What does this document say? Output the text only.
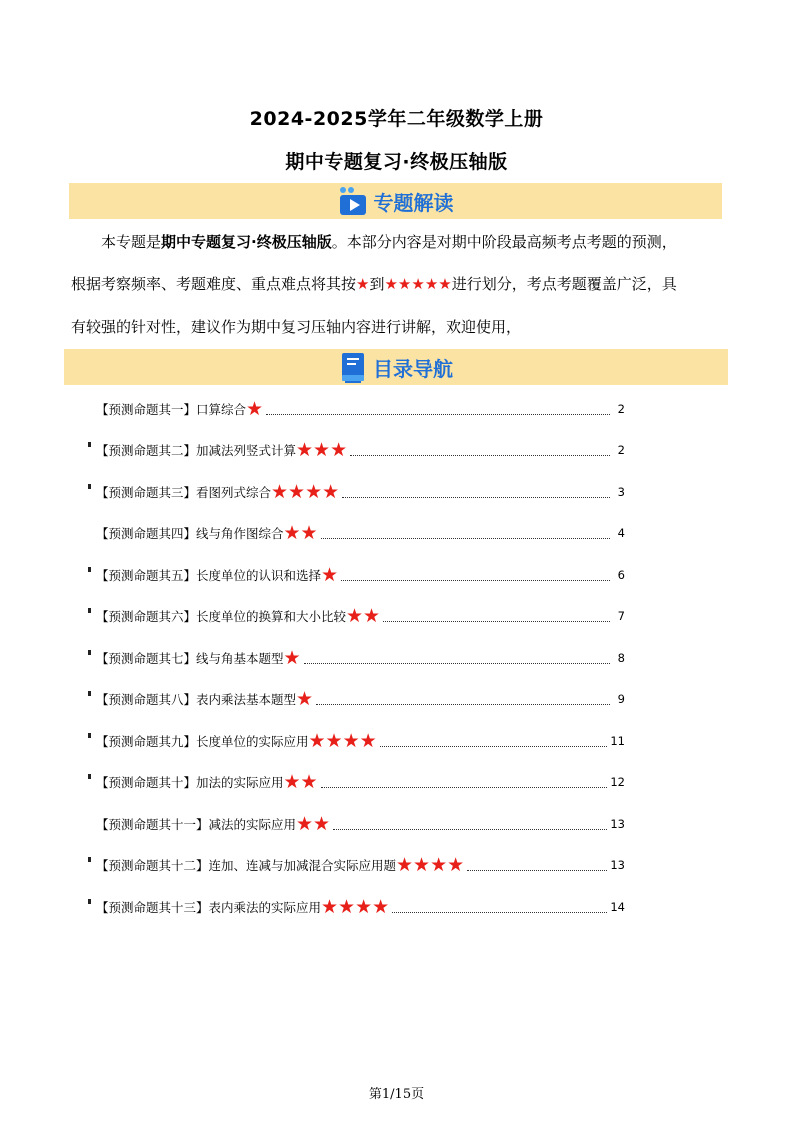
2024-2025学年二年级数学上册
期中专题复习·终极压轴版
专题解读
本专题是期中专题复习·终极压轴版。本部分内容是对期中阶段最高频考点考题的预测，
根据考察频率、考题难度、重点难点将其按★到★★★★★进行划分，考点考题覆盖广泛，具
有较强的针对性，建议作为期中复习压轴内容进行讲解，欢迎使用，
目录导航
【预测命题其一】口算综合 ★	2
【预测命题其二】加减法列竖式计算 ★★★	2
【预测命题其三】看图列式综合 ★★★★	3
【预测命题其四】线与角作图综合 ★★	4
【预测命题其五】长度单位的认识和选择 ★	6
【预测命题其六】长度单位的换算和大小比较 ★★	7
【预测命题其七】线与角基本题型 ★	8
【预测命题其八】表内乘法基本题型 ★	9
【预测命题其九】长度单位的实际应用 ★★★★	11
【预测命题其十】加法的实际应用 ★★	12
【预测命题其十一】减法的实际应用 ★★	13
【预测命题其十二】连加、连减与加减混合实际应用题 ★★★★	13
【预测命题其十三】表内乘法的实际应用 ★★★★	14
第1/15页
